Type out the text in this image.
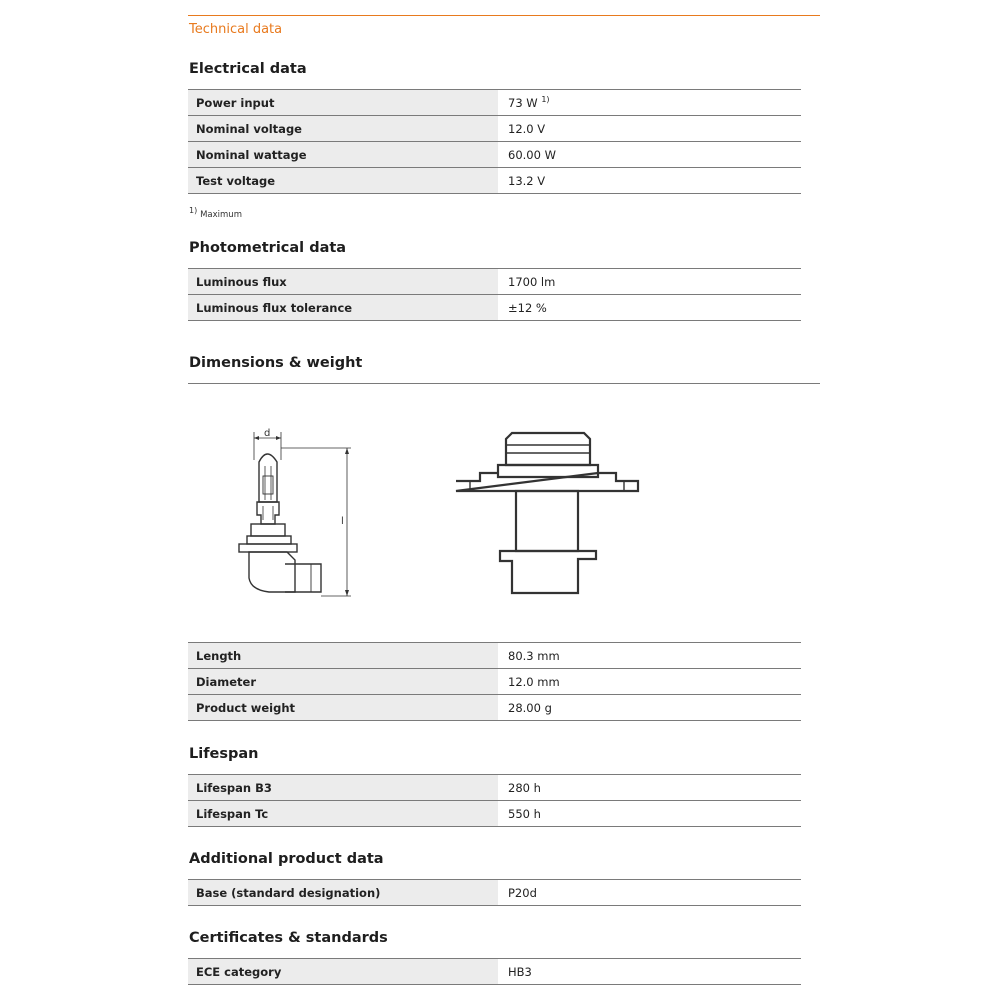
Technical data
Electrical data
Power input	73 W $^{1)}$
Nominal voltage	12.0 V
Nominal wattage	60.00 W
Test voltage	13.2 V
$^{1)}$ Maximum
Photometrical data
Luminous flux	1700 lm
Luminous flux tolerance	±12 %
Dimensions & weight
d
l
Length	80.3 mm
Diameter	12.0 mm
Product weight	28.00 g
Lifespan
Lifespan B3	280 h
Lifespan Tc	550 h
Additional product data
Base (standard designation)	P20d
Certificates & standards
ECE category	HB3
